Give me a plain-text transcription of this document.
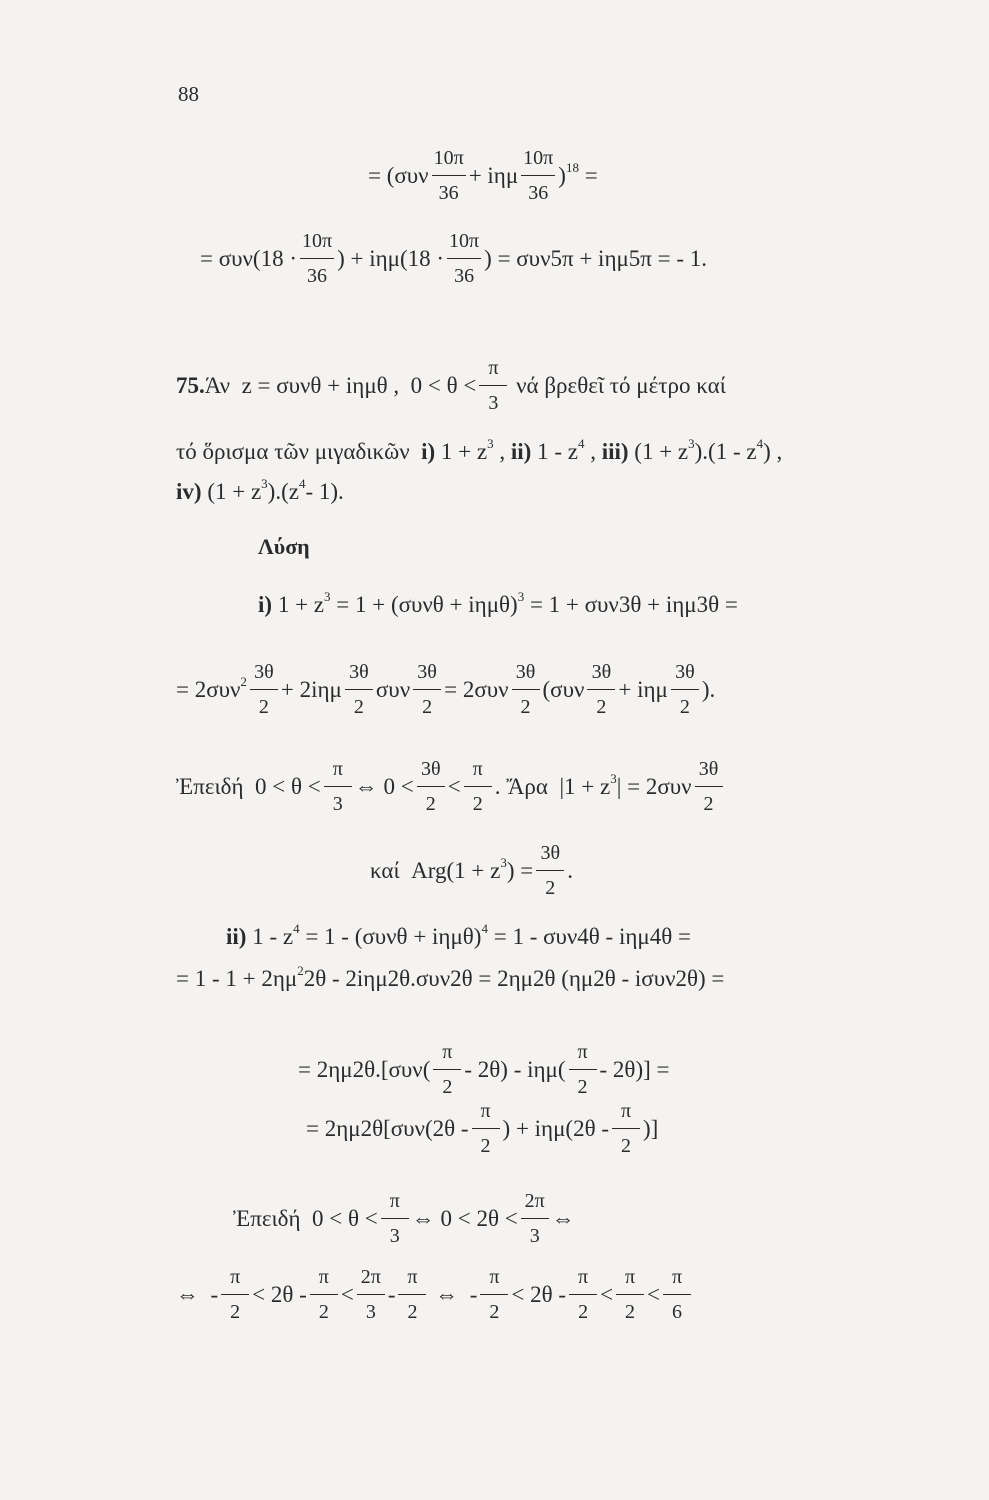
88
= $(\sigma\upsilon\nu \frac{10\pi}{36} + i\eta\mu \frac{10\pi}{36} )^{18}$ =
= $\sigma\upsilon\nu(18 \cdot \frac{10\pi}{36}$ ) + $i\eta\mu(18 \cdot \frac{10\pi}{36}$ ) = συν5π + iημ5π = - 1.
75. Άν z = συνθ + iημθ ,  $0 < \theta < \frac{\pi}{3}$
νά βρεθεῖ τό μέτρο καί
τό ὅρισμα τῶν μιγαδικῶν
i) $1 + z^3$ , ii) $1 - z^4$ , iii) ($1 + z^3$ )$.(1 - z^4$ ) ,
iv) ($1 + z^3$ )$.(z^4 - 1)$.
Λύση
i) $1 + z^3 = 1 + (\sigma\upsilon\nu\theta + i\eta\mu\theta)^3 = 1 + \sigma\upsilon\nu 3\theta + i\eta\mu 3\theta$ =
= $2\sigma\upsilon\nu^2 \frac{3\theta}{2} + 2i\eta\mu \frac{3\theta}{2}$ συν $\frac{3\theta}{2} = 2\sigma\upsilon\nu \frac{3\theta}{2} (\sigma\upsilon\nu \frac{3\theta}{2} + i\eta\mu \frac{3\theta}{2}$ ).
Ἐπειδή $0 < \theta < \frac{\pi}{3}$ ⇔ $0 < \frac{3\theta}{2} < \frac{\pi}{2}$ . Ἄρα $|1 + z^3$ | = $2\sigma\upsilon\nu \frac{3\theta}{2}$
καί $Arg(1 + z^3$ ) = $\frac{3\theta}{2}$ .
ii) $1 - z^4 = 1 - (\sigma\upsilon\nu\theta + i\eta\mu\theta)^4 = 1 - \sigma\upsilon\nu 4\theta - i\eta\mu 4\theta$ =
= $1 - 1 + 2\eta\mu^2$ 2θ - 2iημ2θ.συν2θ = 2ημ2θ (ημ2θ - iσυν2θ) =
= $2\eta\mu 2\theta.[\sigma\upsilon\nu( \frac{\pi}{2} - 2\theta) - i\eta\mu( \frac{\pi}{2} - 2\theta)]$ =
= $2\eta\mu 2\theta[\sigma\upsilon\nu(2\theta - \frac{\pi}{2}$ ) + $i\eta\mu(2\theta - \frac{\pi}{2}$ )]
Ἐπειδή $0 < \theta < \frac{\pi}{3}$ ⇔ $0 < 2\theta < \frac{2\pi}{3}$ ⇔
⇔  - $\frac{\pi}{2} < 2\theta - \frac{\pi}{2} < \frac{2\pi}{3} - \frac{\pi}{2}$ ⇔  - $\frac{\pi}{2} < 2\theta - \frac{\pi}{2} < \frac{\pi}{2} < \frac{\pi}{6}$
